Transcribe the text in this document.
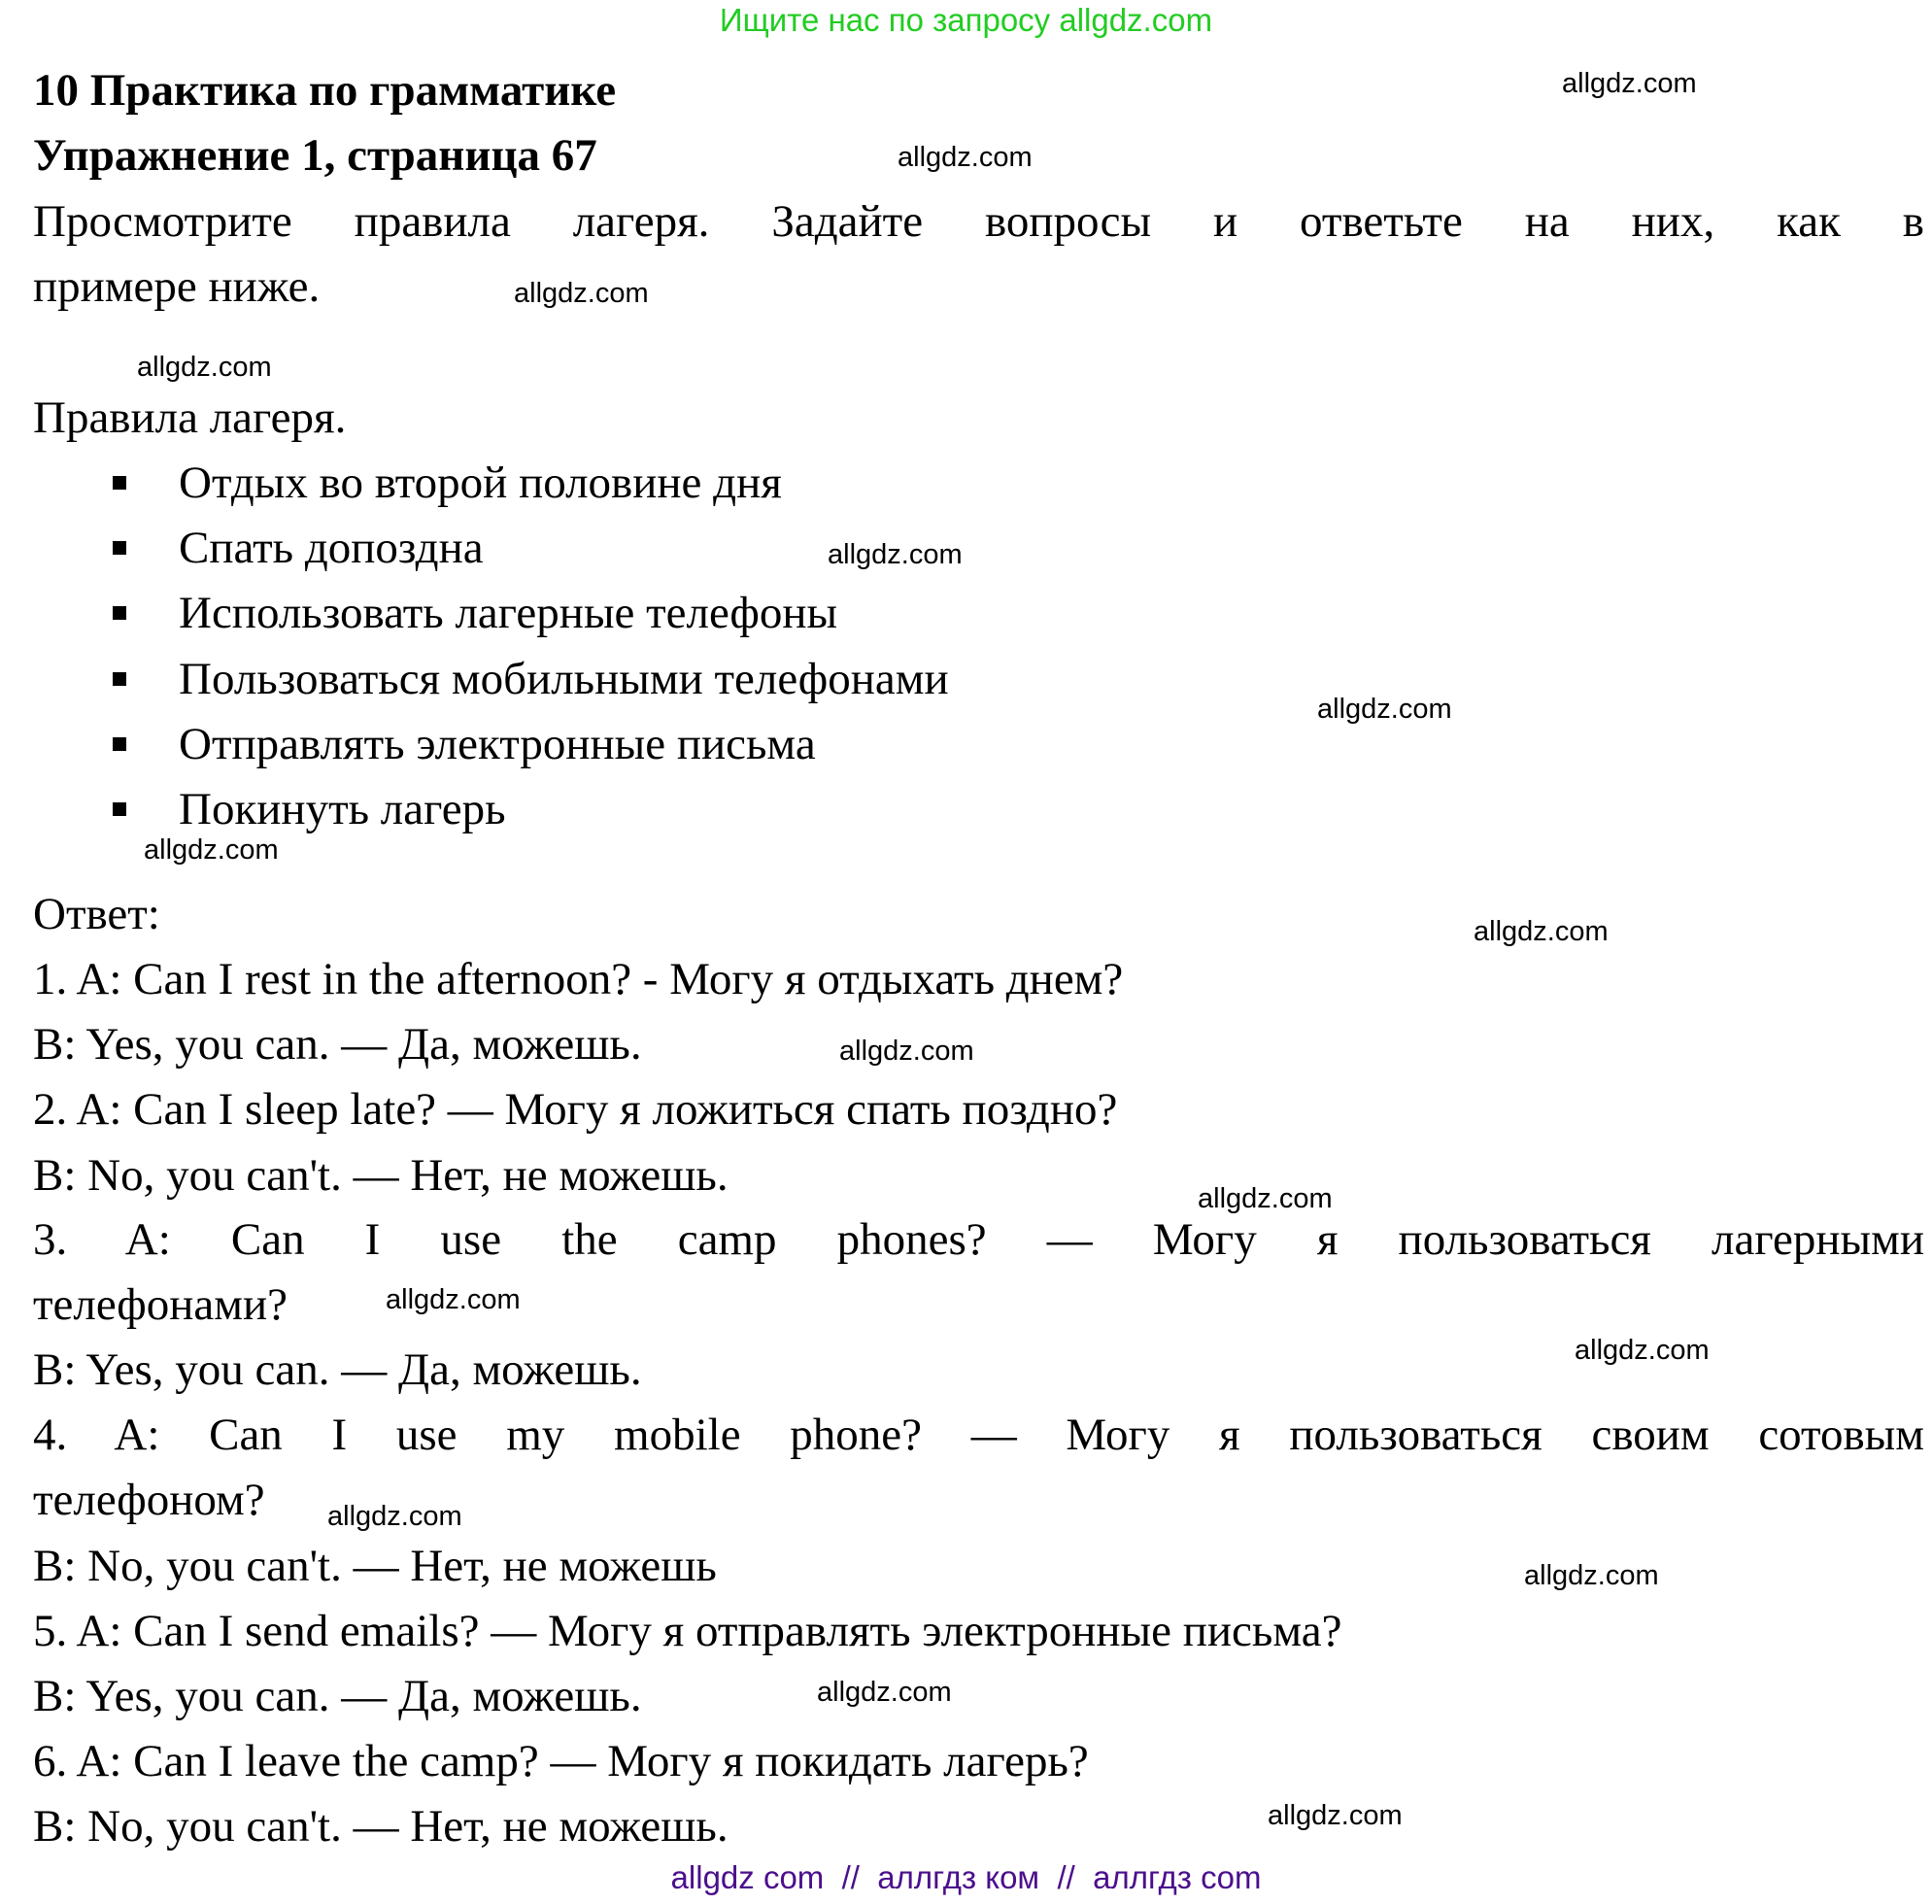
Ищите нас по запросу allgdz.com
10 Практика по грамматике
Упражнение 1, страница 67
Просмотрите правила лагеря. Задайте вопросы и ответьте на них, как в
примере ниже.
Правила лагеря.
Отдых во второй половине дня
Спать допоздна
Использовать лагерные телефоны
Пользоваться мобильными телефонами
Отправлять электронные письма
Покинуть лагерь
Ответ:
1. A: Can I rest in the afternoon? - Могу я отдыхать днем?
B: Yes, you can. — Да, можешь.
2. A: Can I sleep late? — Могу я ложиться спать поздно?
B: No, you can't. — Нет, не можешь.
3. A: Can I use the camp phones? — Могу я пользоваться лагерными
телефонами?
B: Yes, you can. — Да, можешь.
4. A: Can I use my mobile phone? — Могу я пользоваться своим сотовым
телефоном?
B: No, you can't. — Нет, не можешь
5. A: Can I send emails? — Могу я отправлять электронные письма?
B: Yes, you can. — Да, можешь.
6. A: Can I leave the camp? — Могу я покидать лагерь?
B: No, you can't. — Нет, не можешь.
allgdz.com
allgdz.com
allgdz.com
allgdz.com
allgdz.com
allgdz.com
allgdz.com
allgdz.com
allgdz.com
allgdz.com
allgdz.com
allgdz.com
allgdz.com
allgdz.com
allgdz.com
allgdz.com
allgdz com  //  аллгдз ком  //  аллгдз com
